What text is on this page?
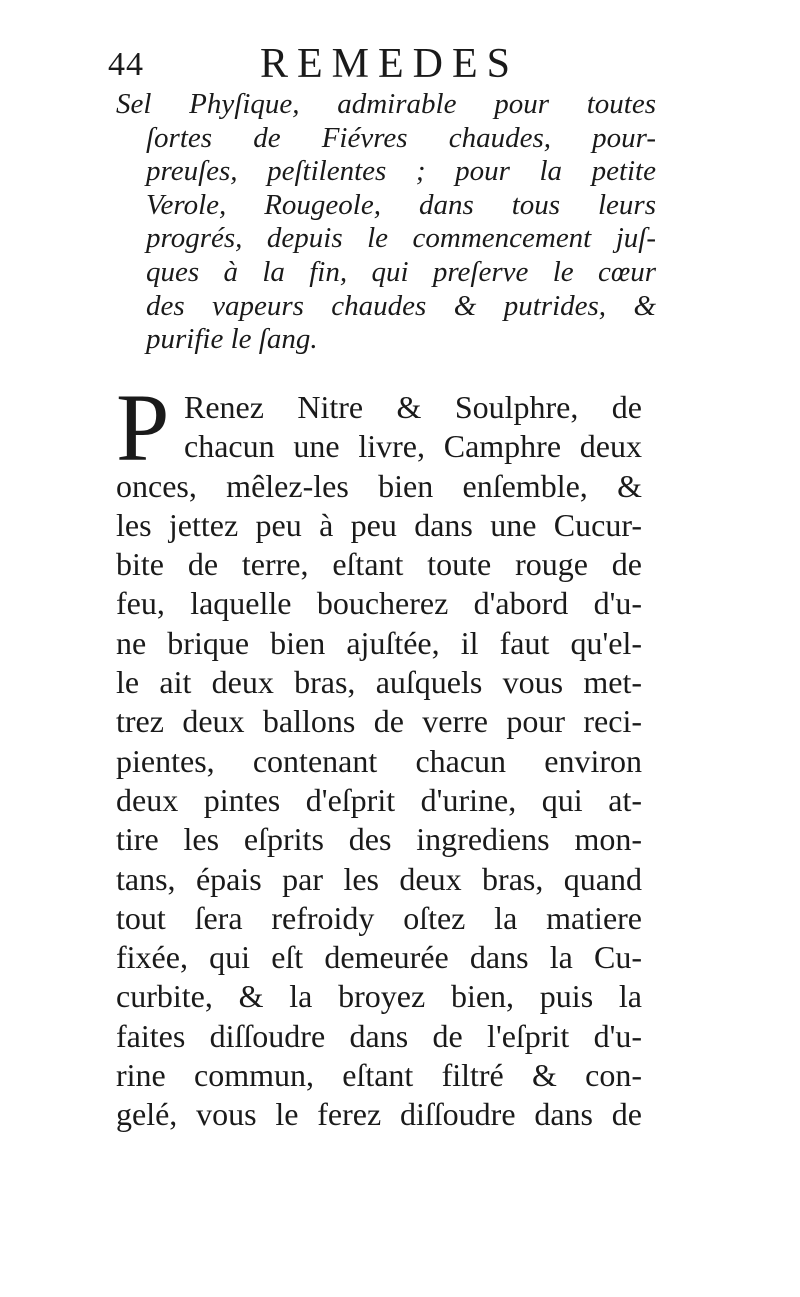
44	REMEDES
Sel Phyſique, admirable pour toutes
ſortes de Fiévres chaudes, pour-
preuſes, peſtilentes ; pour la petite
Verole, Rougeole, dans tous leurs
progrés, depuis le commencement juſ-
ques à la fin, qui preſerve le cœur
des vapeurs chaudes & putrides, &
purifie le ſang.
P Renez Nitre & Soulphre, de
chacun une livre, Camphre deux
onces, mêlez-les bien enſemble, &
les jettez peu à peu dans une Cucur-
bite de terre, eſtant toute rouge de
feu, laquelle boucherez d'abord d'u-
ne brique bien ajuſtée, il faut qu'el-
le ait deux bras, auſquels vous met-
trez deux ballons de verre pour reci-
pientes, contenant chacun environ
deux pintes d'eſprit d'urine, qui at-
tire les eſprits des ingrediens mon-
tans, épais par les deux bras, quand
tout ſera refroidy oſtez la matiere
fixée, qui eſt demeurée dans la Cu-
curbite, & la broyez bien, puis la
faites diſſoudre dans de l'eſprit d'u-
rine commun, eſtant filtré & con-
gelé, vous le ferez diſſoudre dans de
